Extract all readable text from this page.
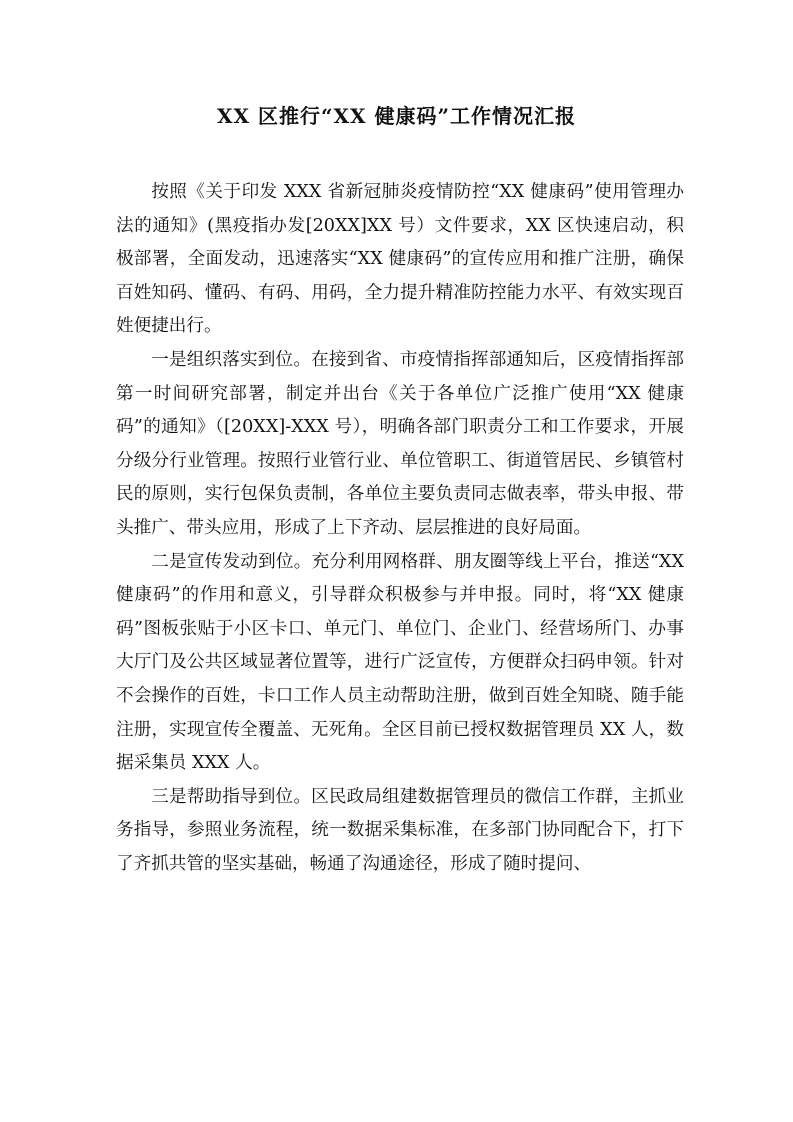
XX 区推行“XX 健康码”工作情况汇报

按照《关于印发 XXX 省新冠肺炎疫情防控“XX 健康码”使用管理办法的通知》(黑疫指办发[20XX]XX 号）文件要求，XX 区快速启动，积极部署，全面发动，迅速落实“XX 健康码”的宣传应用和推广注册，确保百姓知码、懂码、有码、用码，全力提升精准防控能力水平、有效实现百姓便捷出行。

一是组织落实到位。在接到省、市疫情指挥部通知后，区疫情指挥部第一时间研究部署，制定并出台《关于各单位广泛推广使用“XX 健康码”的通知》（[20XX]-XXX 号），明确各部门职责分工和工作要求，开展分级分行业管理。按照行业管行业、单位管职工、街道管居民、乡镇管村民的原则，实行包保负责制，各单位主要负责同志做表率，带头申报、带头推广、带头应用，形成了上下齐动、层层推进的良好局面。

二是宣传发动到位。充分利用网格群、朋友圈等线上平台，推送“XX 健康码”的作用和意义，引导群众积极参与并申报。同时，将“XX 健康码”图板张贴于小区卡口、单元门、单位门、企业门、经营场所门、办事大厅门及公共区域显著位置等，进行广泛宣传，方便群众扫码申领。针对不会操作的百姓，卡口工作人员主动帮助注册，做到百姓全知晓、随手能注册，实现宣传全覆盖、无死角。全区目前已授权数据管理员 XX 人，数据采集员 XXX 人。

三是帮助指导到位。区民政局组建数据管理员的微信工作群，主抓业务指导，参照业务流程，统一数据采集标准，在多部门协同配合下，打下了齐抓共管的坚实基础，畅通了沟通途径，形成了随时提问、
